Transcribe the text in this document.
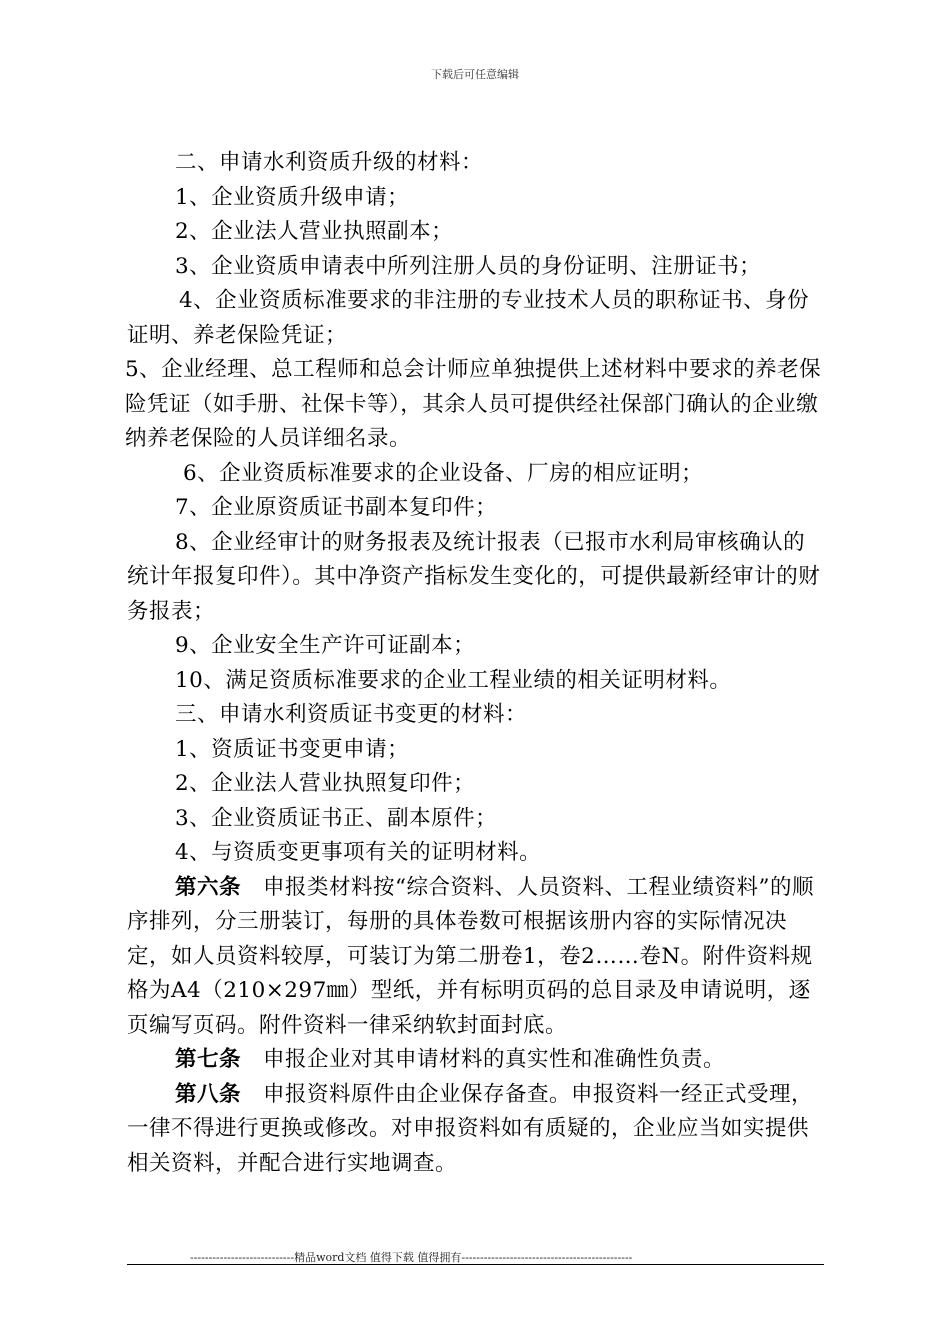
下载后可任意编辑

二、申请水利资质升级的材料：

1、企业资质升级申请；

2、企业法人营业执照副本；

3、企业资质申请表中所列注册人员的身份证明、注册证书；

4、企业资质标准要求的非注册的专业技术人员的职称证书、身份证明、养老保险凭证；

5、企业经理、总工程师和总会计师应单独提供上述材料中要求的养老保险凭证（如手册、社保卡等），其余人员可提供经社保部门确认的企业缴纳养老保险的人员详细名录。

6、企业资质标准要求的企业设备、厂房的相应证明；

7、企业原资质证书副本复印件；

8、企业经审计的财务报表及统计报表（已报市水利局审核确认的统计年报复印件）。其中净资产指标发生变化的，可提供最新经审计的财务报表；

9、企业安全生产许可证副本；

10、满足资质标准要求的企业工程业绩的相关证明材料。

三、申请水利资质证书变更的材料：

1、资质证书变更申请；

2、企业法人营业执照复印件；

3、企业资质证书正、副本原件；

4、与资质变更事项有关的证明材料。

第六条 申报类材料按“综合资料、人员资料、工程业绩资料”的顺序排列，分三册装订，每册的具体卷数可根据该册内容的实际情况决定，如人员资料较厚，可装订为第二册卷1，卷2……卷N。附件资料规格为A4（210×297㎜）型纸，并有标明页码的总目录及申请说明，逐页编写页码。附件资料一律采纳软封面封底。

第七条 申报企业对其申请材料的真实性和准确性负责。

第八条 申报资料原件由企业保存备查。申报资料一经正式受理，一律不得进行更换或修改。对申报资料如有质疑的，企业应当如实提供相关资料，并配合进行实地调查。

----------------------------精品word文档 值得下载 值得拥有----------------------------------------------
